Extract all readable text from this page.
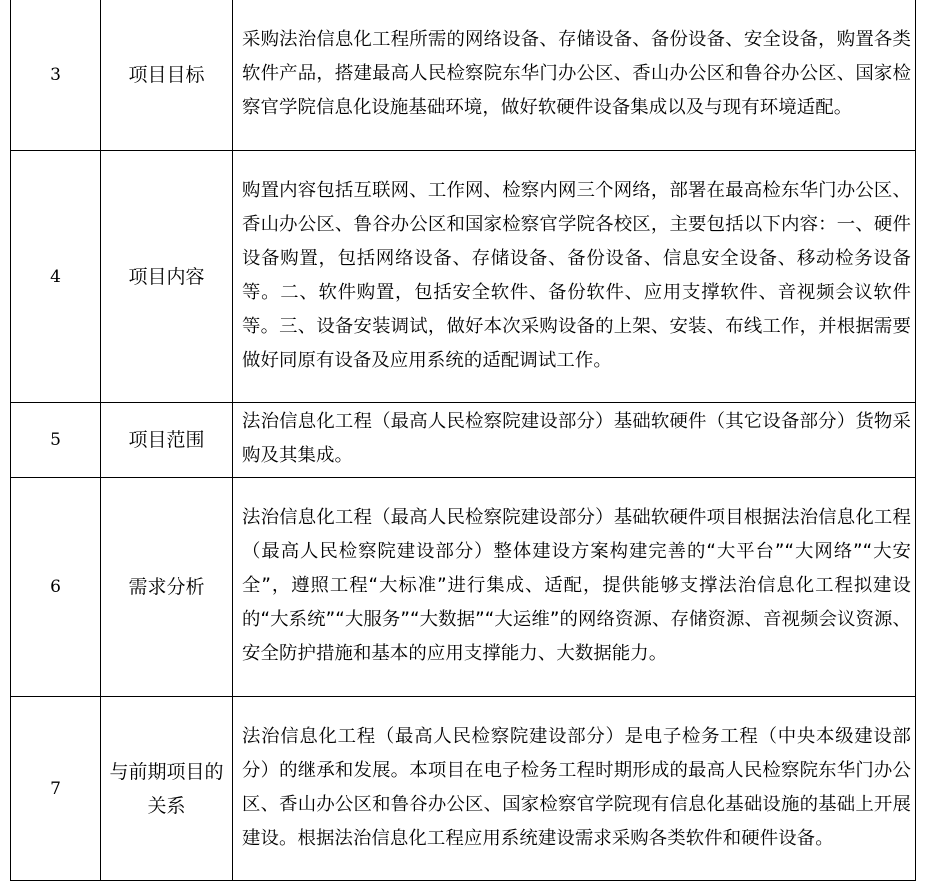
3	项目目标	采购法治信息化工程所需的网络设备、存储设备、备份设备、安全设备，购置各类软件产品，搭建最高人民检察院东华门办公区、香山办公区和鲁谷办公区、国家检察官学院信息化设施基础环境，做好软硬件设备集成以及与现有环境适配。
4	项目内容	购置内容包括互联网、工作网、检察内网三个网络，部署在最高检东华门办公区、香山办公区、鲁谷办公区和国家检察官学院各校区，主要包括以下内容：一、硬件设备购置，包括网络设备、存储设备、备份设备、信息安全设备、移动检务设备等。二、软件购置，包括安全软件、备份软件、应用支撑软件、音视频会议软件等。三、设备安装调试，做好本次采购设备的上架、安装、布线工作，并根据需要做好同原有设备及应用系统的适配调试工作。
5	项目范围	法治信息化工程（最高人民检察院建设部分）基础软硬件（其它设备部分）货物采购及其集成。
6	需求分析	法治信息化工程（最高人民检察院建设部分）基础软硬件项目根据法治信息化工程（最高人民检察院建设部分）整体建设方案构建完善的“大平台”“大网络”“大安全”，遵照工程“大标准”进行集成、适配，提供能够支撑法治信息化工程拟建设的“大系统”“大服务”“大数据”“大运维”的网络资源、存储资源、音视频会议资源、安全防护措施和基本的应用支撑能力、大数据能力。
7	与前期项目的关系	法治信息化工程（最高人民检察院建设部分）是电子检务工程（中央本级建设部分）的继承和发展。本项目在电子检务工程时期形成的最高人民检察院东华门办公区、香山办公区和鲁谷办公区、国家检察官学院现有信息化基础设施的基础上开展建设。根据法治信息化工程应用系统建设需求采购各类软件和硬件设备。
